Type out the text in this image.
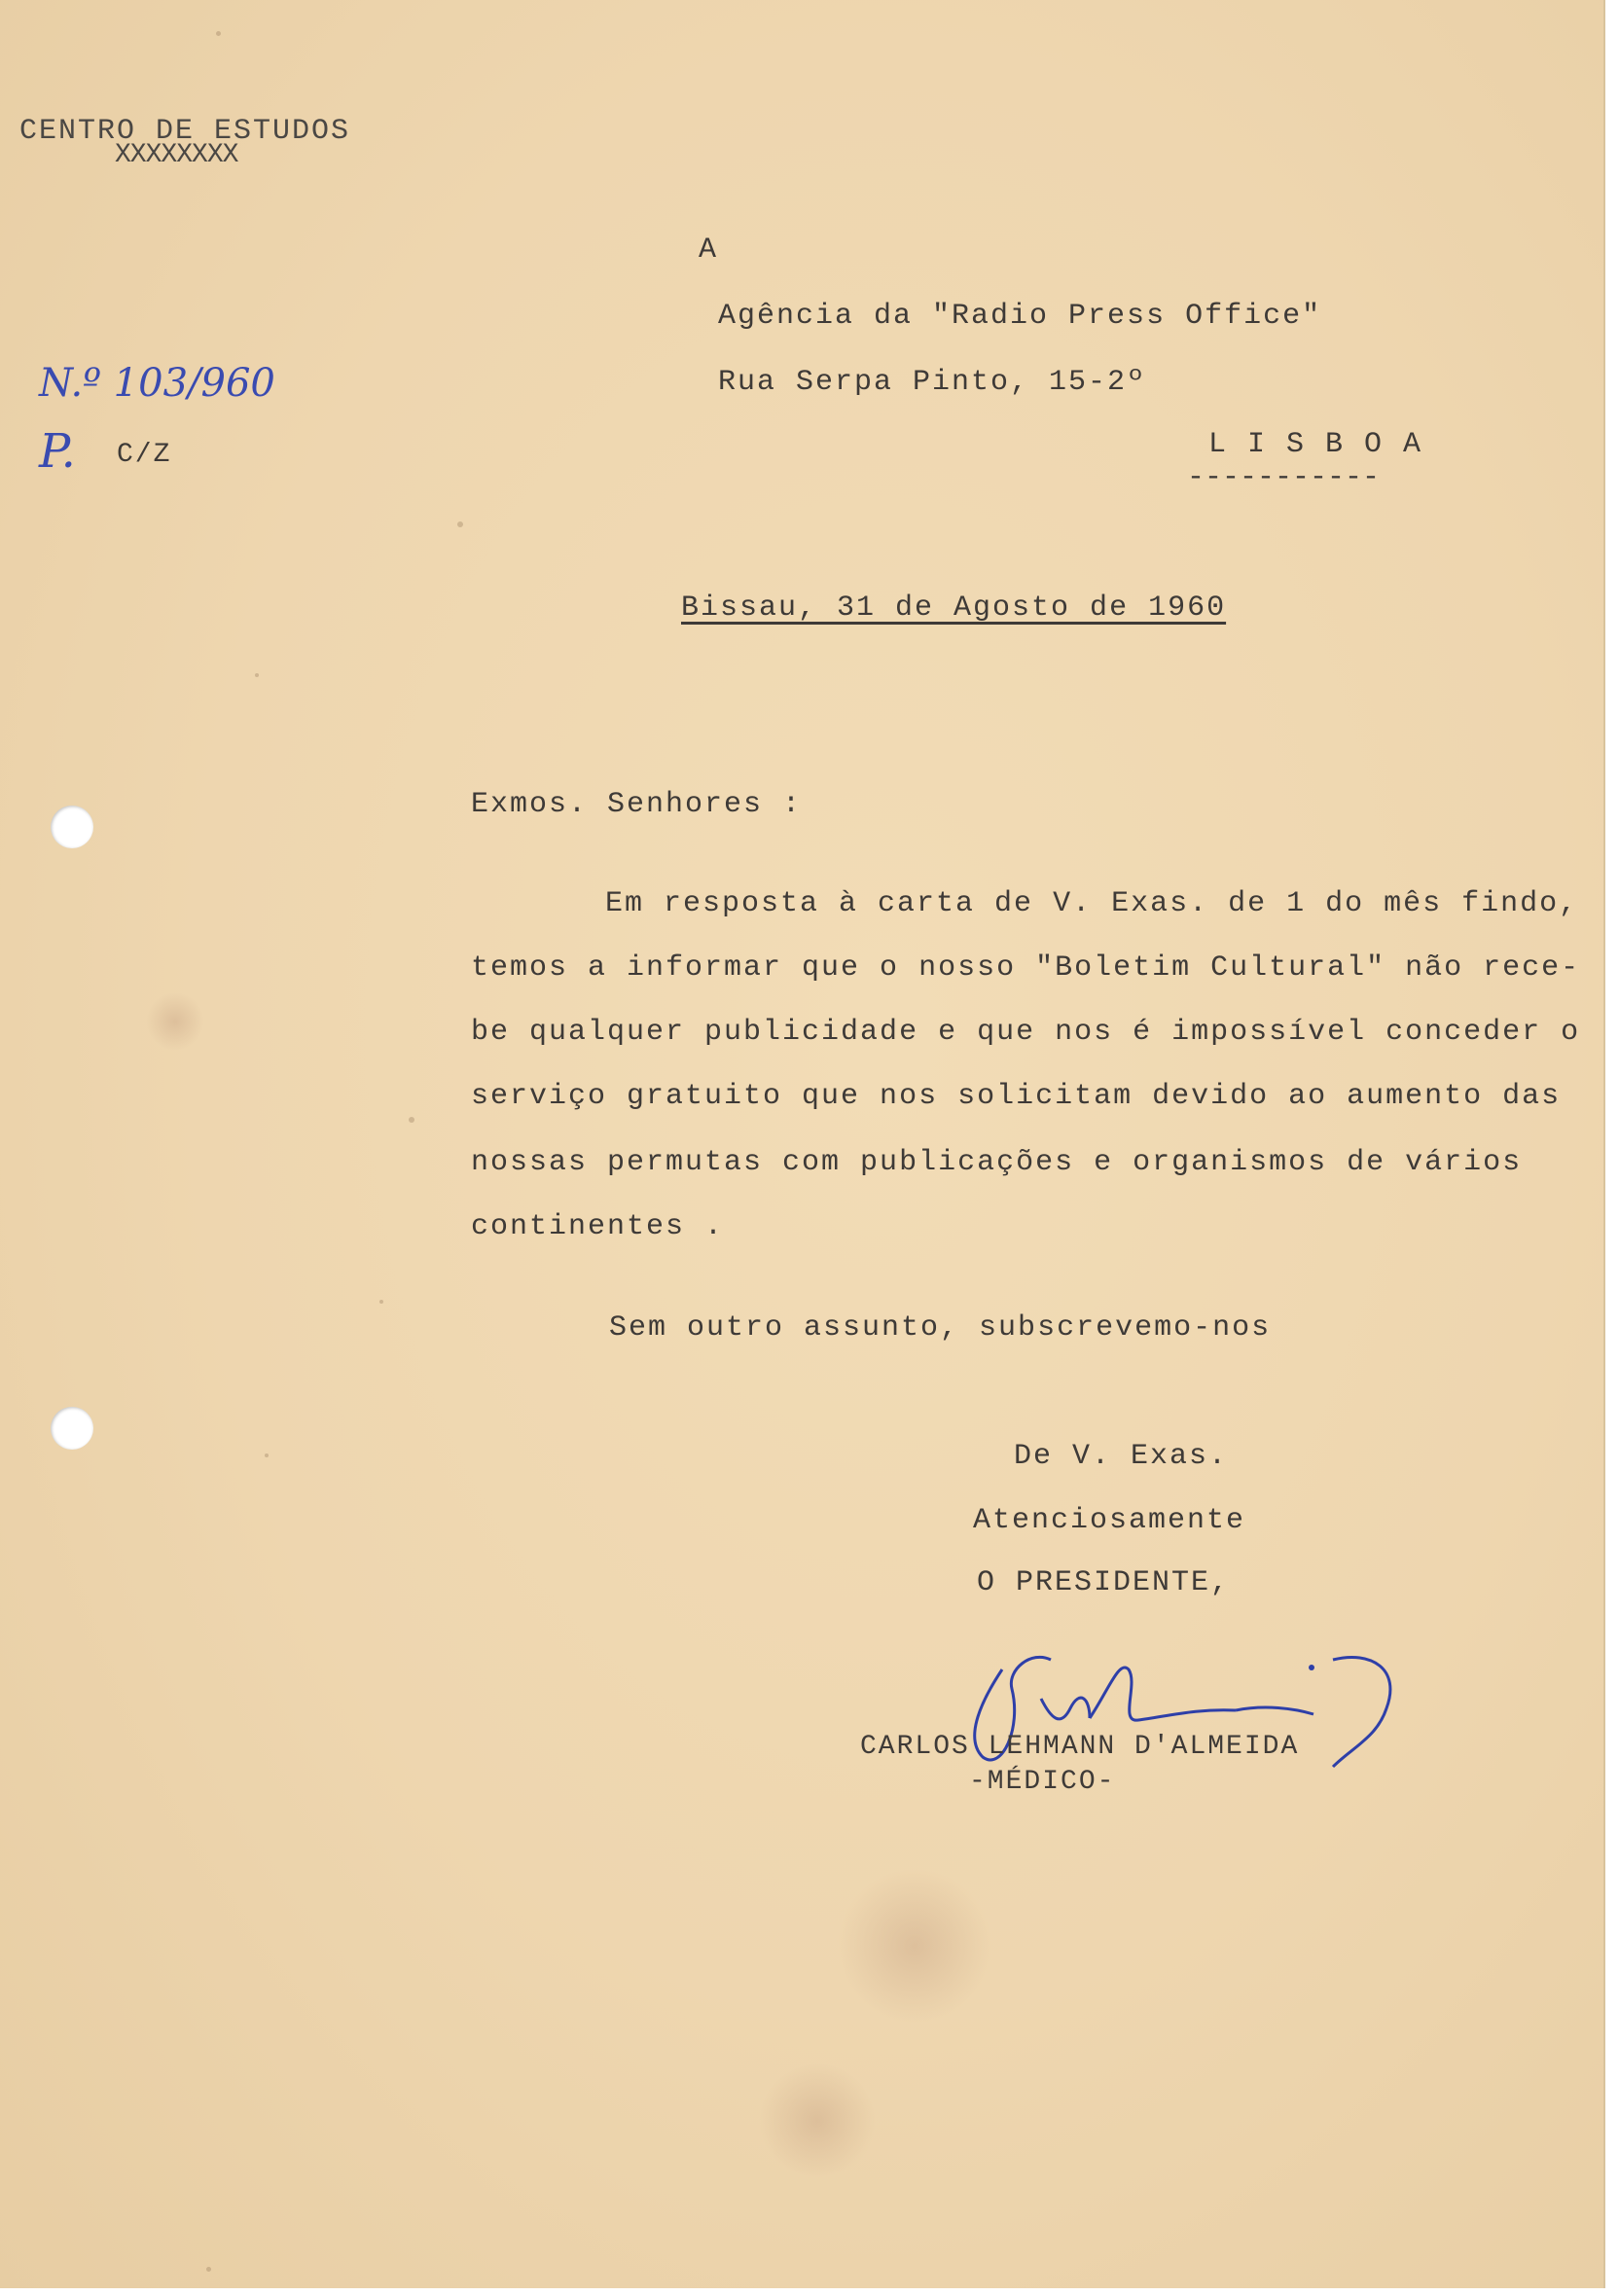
CENTRO DE ESTUDOS
XXXXXXXX
N.º 103/960
P. C/Z
A
Agência da "Radio Press Office"
Rua Serpa Pinto, 15-2º
L I S B O A
-----------
Bissau, 31 de Agosto de 1960
Exmos. Senhores :
Em resposta à carta de V. Exas. de 1 do mês findo,
temos a informar que o nosso "Boletim Cultural" não rece-
be qualquer publicidade e que nos é impossível conceder o
serviço gratuito que nos solicitam devido ao aumento das
nossas permutas com publicações e organismos de vários
continentes .
Sem outro assunto, subscrevemo-nos
De V. Exas.
Atenciosamente
O PRESIDENTE,
CARLOS LEHMANN D'ALMEIDA
-MÉDICO-
